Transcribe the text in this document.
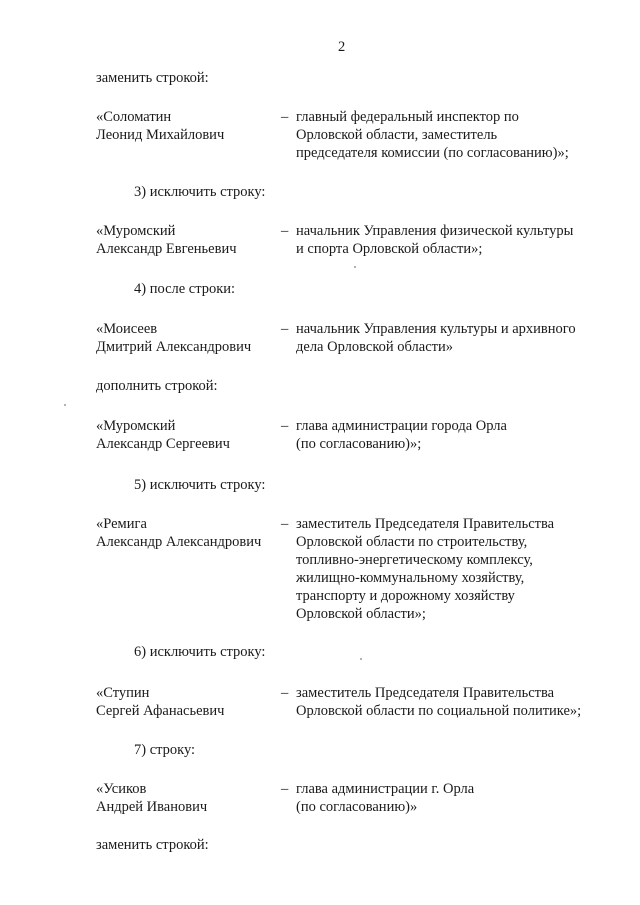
2
заменить строкой:
«Соломатин
Леонид Михайлович
– главный федеральный инспектор по
Орловской области, заместитель
председателя комиссии (по согласованию)»;
3) исключить строку:
«Муромский
Александр Евгеньевич
– начальник Управления физической культуры
и спорта Орловской области»;
4) после строки:
«Моисеев
Дмитрий Александрович
– начальник Управления культуры и архивного
дела Орловской области»
дополнить строкой:
«Муромский
Александр Сергеевич
– глава администрации города Орла
(по согласованию)»;
5) исключить строку:
«Ремига
Александр Александрович
– заместитель Председателя Правительства
Орловской области по строительству,
топливно-энергетическому комплексу,
жилищно-коммунальному хозяйству,
транспорту и дорожному хозяйству
Орловской области»;
6) исключить строку:
«Ступин
Сергей Афанасьевич
– заместитель Председателя Правительства
Орловской области по социальной политике»;
7) строку:
«Усиков
Андрей Иванович
– глава администрации г. Орла
(по согласованию)»
заменить строкой:
